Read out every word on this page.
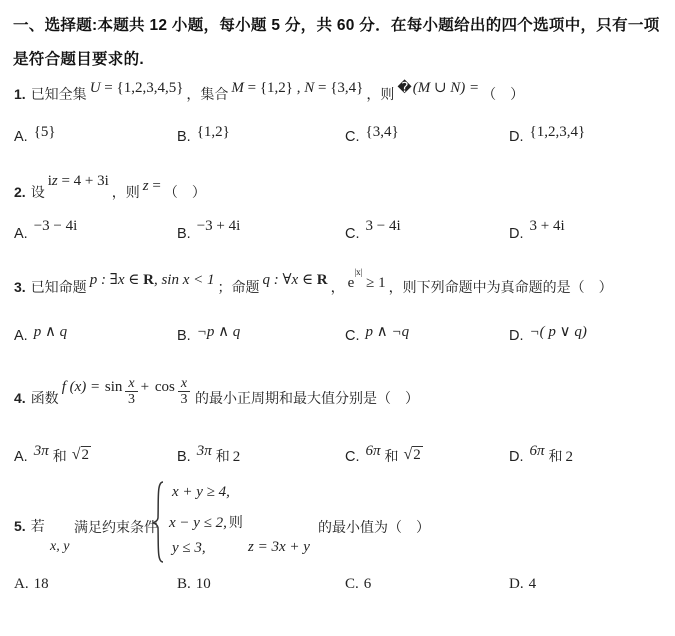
一、选择题:本题共 12 小题，每小题 5 分，共 60 分．在每小题给出的四个选项中，只有一项
是符合题目要求的.
1. 已知全集 U = {1,2,3,4,5} ，集合 M = {1,2} , N = {3,4} ，则 �(M ∪ N) = （　）
A. {5}	B. {1,2}	C. {3,4}	D. {1,2,3,4}
2. 设iz = 4 + 3i，则 z = （　）
A. −3 − 4i	B. −3 + 4i	C. 3 − 4i	D. 3 + 4i
3. 已知命题p : ∃x ∈ R, sin x < 1；命题q : ∀x ∈ R， $e^{|x|} \ge 1$ ，则下列命题中为真命题的是（　）
A. p ∧ q	B. ¬p ∧ q	C. p ∧ ¬q	D. ¬( p ∨ q)
4. 函数f $(x) = \sin \frac{x}{3} + \cos \frac{x}{3}$ 的最小正周期和最大值分别是（　）
A. 3π 和 √2	B. 3π 和 2	C. 6π 和 √2	D. 6π 和 2
5. 若
x, y
满足约束条件
x + y ≥ 4,
x − y ≤ 2, 则
y ≤ 3,	z = 3x + y
的最小值为（　）
A. 18	B. 10	C. 6	D. 4
